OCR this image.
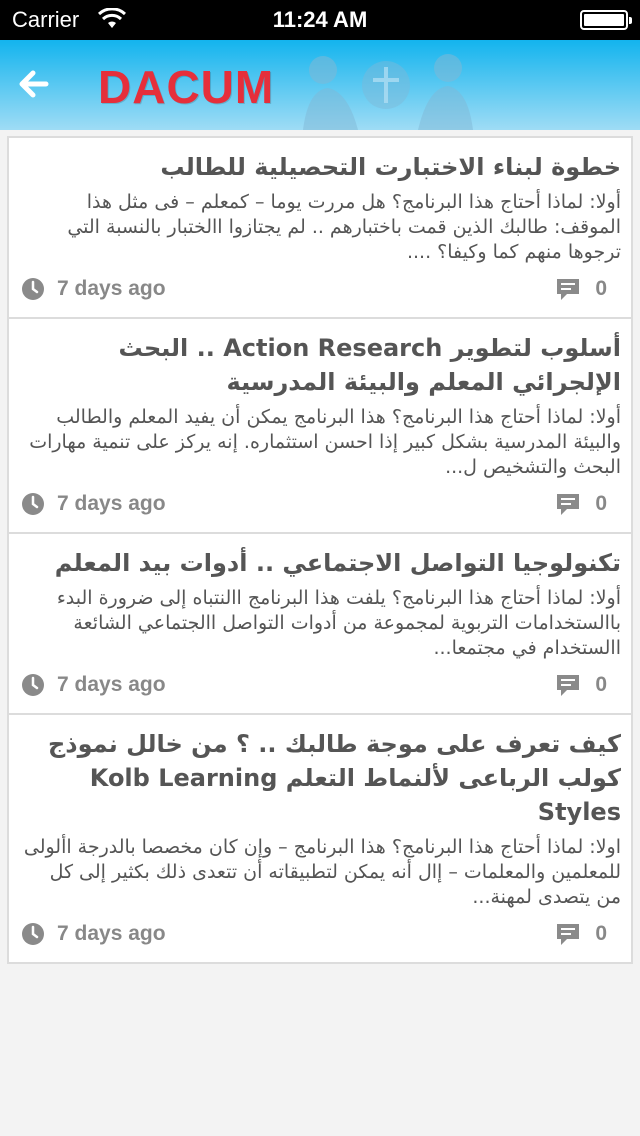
Carrier	11:24 AM
DACUM
خطوة لبناء الاختبارت التحصيلية للطالب
أولا: لماذا أحتاج هذا البرنامج؟ هل مررت يوما – كمعلم – فى مثل هذا الموقف: طالبك الذين قمت باختبارهم .. لم يجتازوا االختبار بالنسبة التي ترجوها منهم كما وكيفا؟ ....
7 days ago	0
أسلوب لتطوير Action Research .. البحث الإلجرائي المعلم والبيئة المدرسية
أولا: لماذا أحتاج هذا البرنامج؟ هذا البرنامج يمكن أن يفيد المعلم والطالب والبيئة المدرسية بشكل كبير إذا احسن استثماره. إنه يركز على تنمية مهارات البحث والتشخيص ل...
7 days ago	0
تكنولوجيا التواصل الاجتماعي .. أدوات بيد المعلم
أولا: لماذا أحتاج هذا البرنامج؟ يلفت هذا البرنامج االنتباه إلى ضرورة البدء باالستخدامات التربوية لمجموعة من أدوات التواصل االجتماعي الشائعة االستخدام في مجتمعا...
7 days ago	0
كيف تعرف على موجة طالبك .. ؟ من خالل نموذج كولب الرباعى لألنماط التعلم Kolb Learning Styles
اولا: لماذا أحتاج هذا البرنامج؟ هذا البرنامج – وإن كان مخصصا بالدرجة األولى للمعلمين والمعلمات – إال أنه يمكن لتطبيقاته أن تتعدى ذلك بكثير إلى كل من يتصدى لمهنة...
7 days ago	0
